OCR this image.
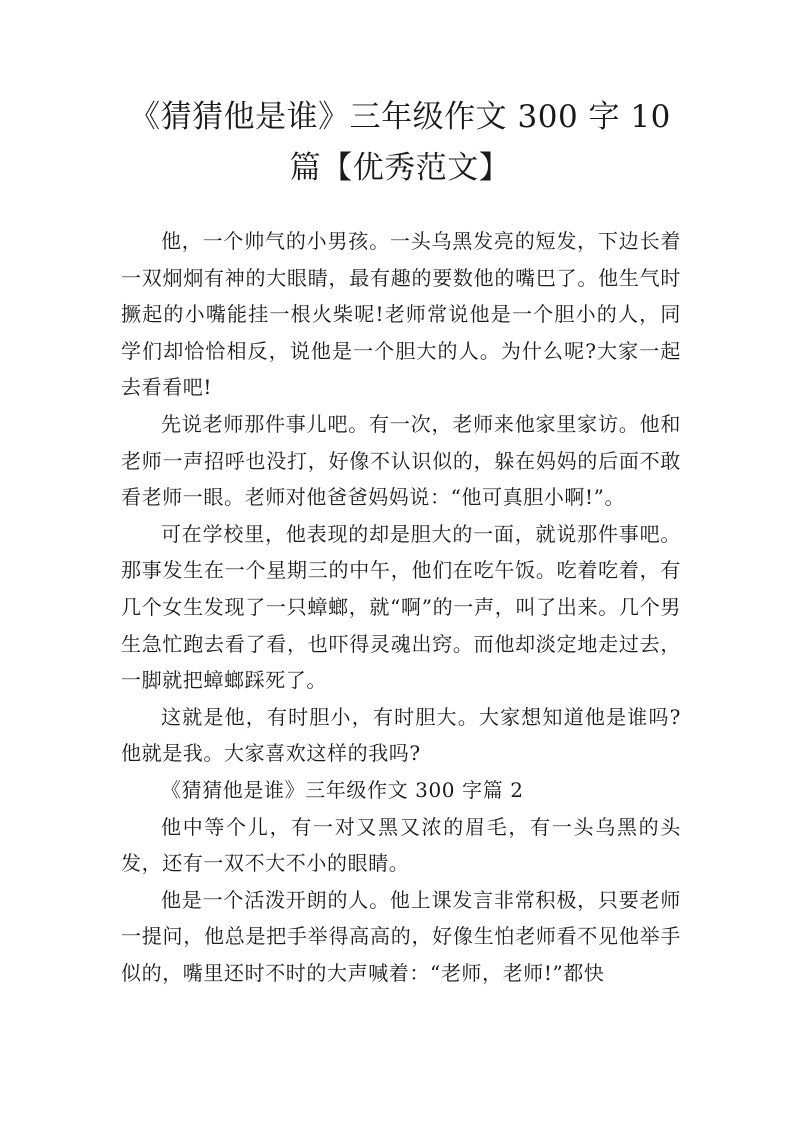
《猜猜他是谁》三年级作文 300 字 10 篇【优秀范文】

他，一个帅气的小男孩。一头乌黑发亮的短发，下边长着一双炯炯有神的大眼睛，最有趣的要数他的嘴巴了。他生气时撅起的小嘴能挂一根火柴呢!老师常说他是一个胆小的人，同学们却恰恰相反，说他是一个胆大的人。为什么呢?大家一起去看看吧!

先说老师那件事儿吧。有一次，老师来他家里家访。他和老师一声招呼也没打，好像不认识似的，躲在妈妈的后面不敢看老师一眼。老师对他爸爸妈妈说：“他可真胆小啊!”。

可在学校里，他表现的却是胆大的一面，就说那件事吧。那事发生在一个星期三的中午，他们在吃午饭。吃着吃着，有几个女生发现了一只蟑螂，就“啊”的一声，叫了出来。几个男生急忙跑去看了看，也吓得灵魂出窍。而他却淡定地走过去，一脚就把蟑螂踩死了。

这就是他，有时胆小，有时胆大。大家想知道他是谁吗?他就是我。大家喜欢这样的我吗?

《猜猜他是谁》三年级作文 300 字篇 2

他中等个儿，有一对又黑又浓的眉毛，有一头乌黑的头发，还有一双不大不小的眼睛。

他是一个活泼开朗的人。他上课发言非常积极，只要老师一提问，他总是把手举得高高的，好像生怕老师看不见他举手似的，嘴里还时不时的大声喊着：“老师，老师!”都快
